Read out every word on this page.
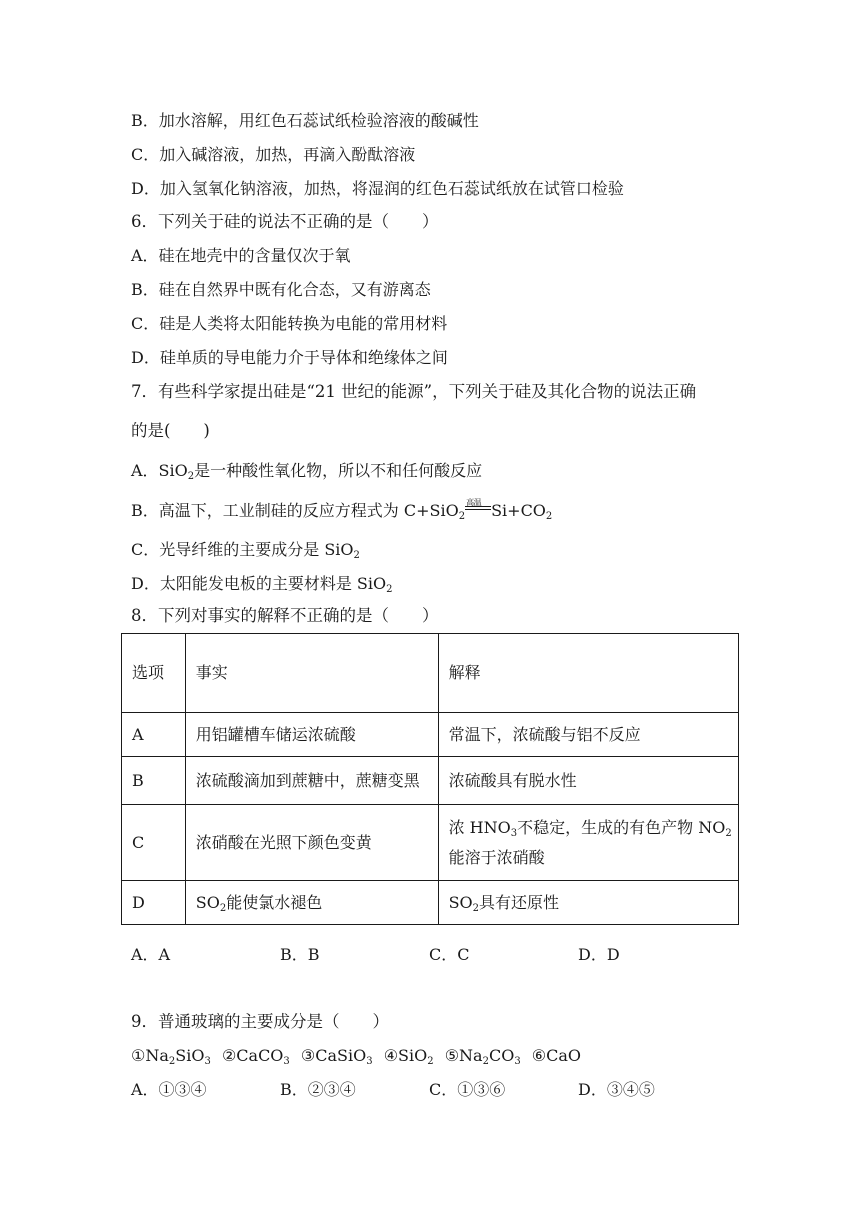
B．加水溶解，用红色石蕊试纸检验溶液的酸碱性
C．加入碱溶液，加热，再滴入酚酞溶液
D．加入氢氧化钠溶液，加热，将湿润的红色石蕊试纸放在试管口检验
6．下列关于硅的说法不正确的是（　　）
A．硅在地壳中的含量仅次于氧
B．硅在自然界中既有化合态，又有游离态
C．硅是人类将太阳能转换为电能的常用材料
D．硅单质的导电能力介于导体和绝缘体之间
7．有些科学家提出硅是“21 世纪的能源”，下列关于硅及其化合物的说法正确
的是(　　)
A．SiO$_2$是一种酸性氧化物，所以不和任何酸反应
B．高温下，工业制硅的反应方程式为 C+SiO$_2$
高温 $Si+CO_2$
C．光导纤维的主要成分是 SiO$_2$
D．太阳能发电板的主要材料是 SiO$_2$
8．下列对事实的解释不正确的是（　　）
选项	事实	解释
A	用铝罐槽车储运浓硫酸	常温下，浓硫酸与铝不反应
B	浓硫酸滴加到蔗糖中，蔗糖变黑	浓硫酸具有脱水性
C	浓硝酸在光照下颜色变黄	浓 $HNO_3$不稳定，生成的有色产物 $NO_2$
能溶于浓硝酸

D	$SO_2$能使氯水褪色	$SO_2$具有还原性
A．A	B．B	C．C	D．D
9．普通玻璃的主要成分是（　　）
$①Na_2SiO_3$ ②CaCO$_3$ ③CaSiO$_3$ ④SiO$_2$ $⑤Na_2CO_3$ ⑥CaO
A．①③④	B．②③④	C．①③⑥	D．③④⑤
